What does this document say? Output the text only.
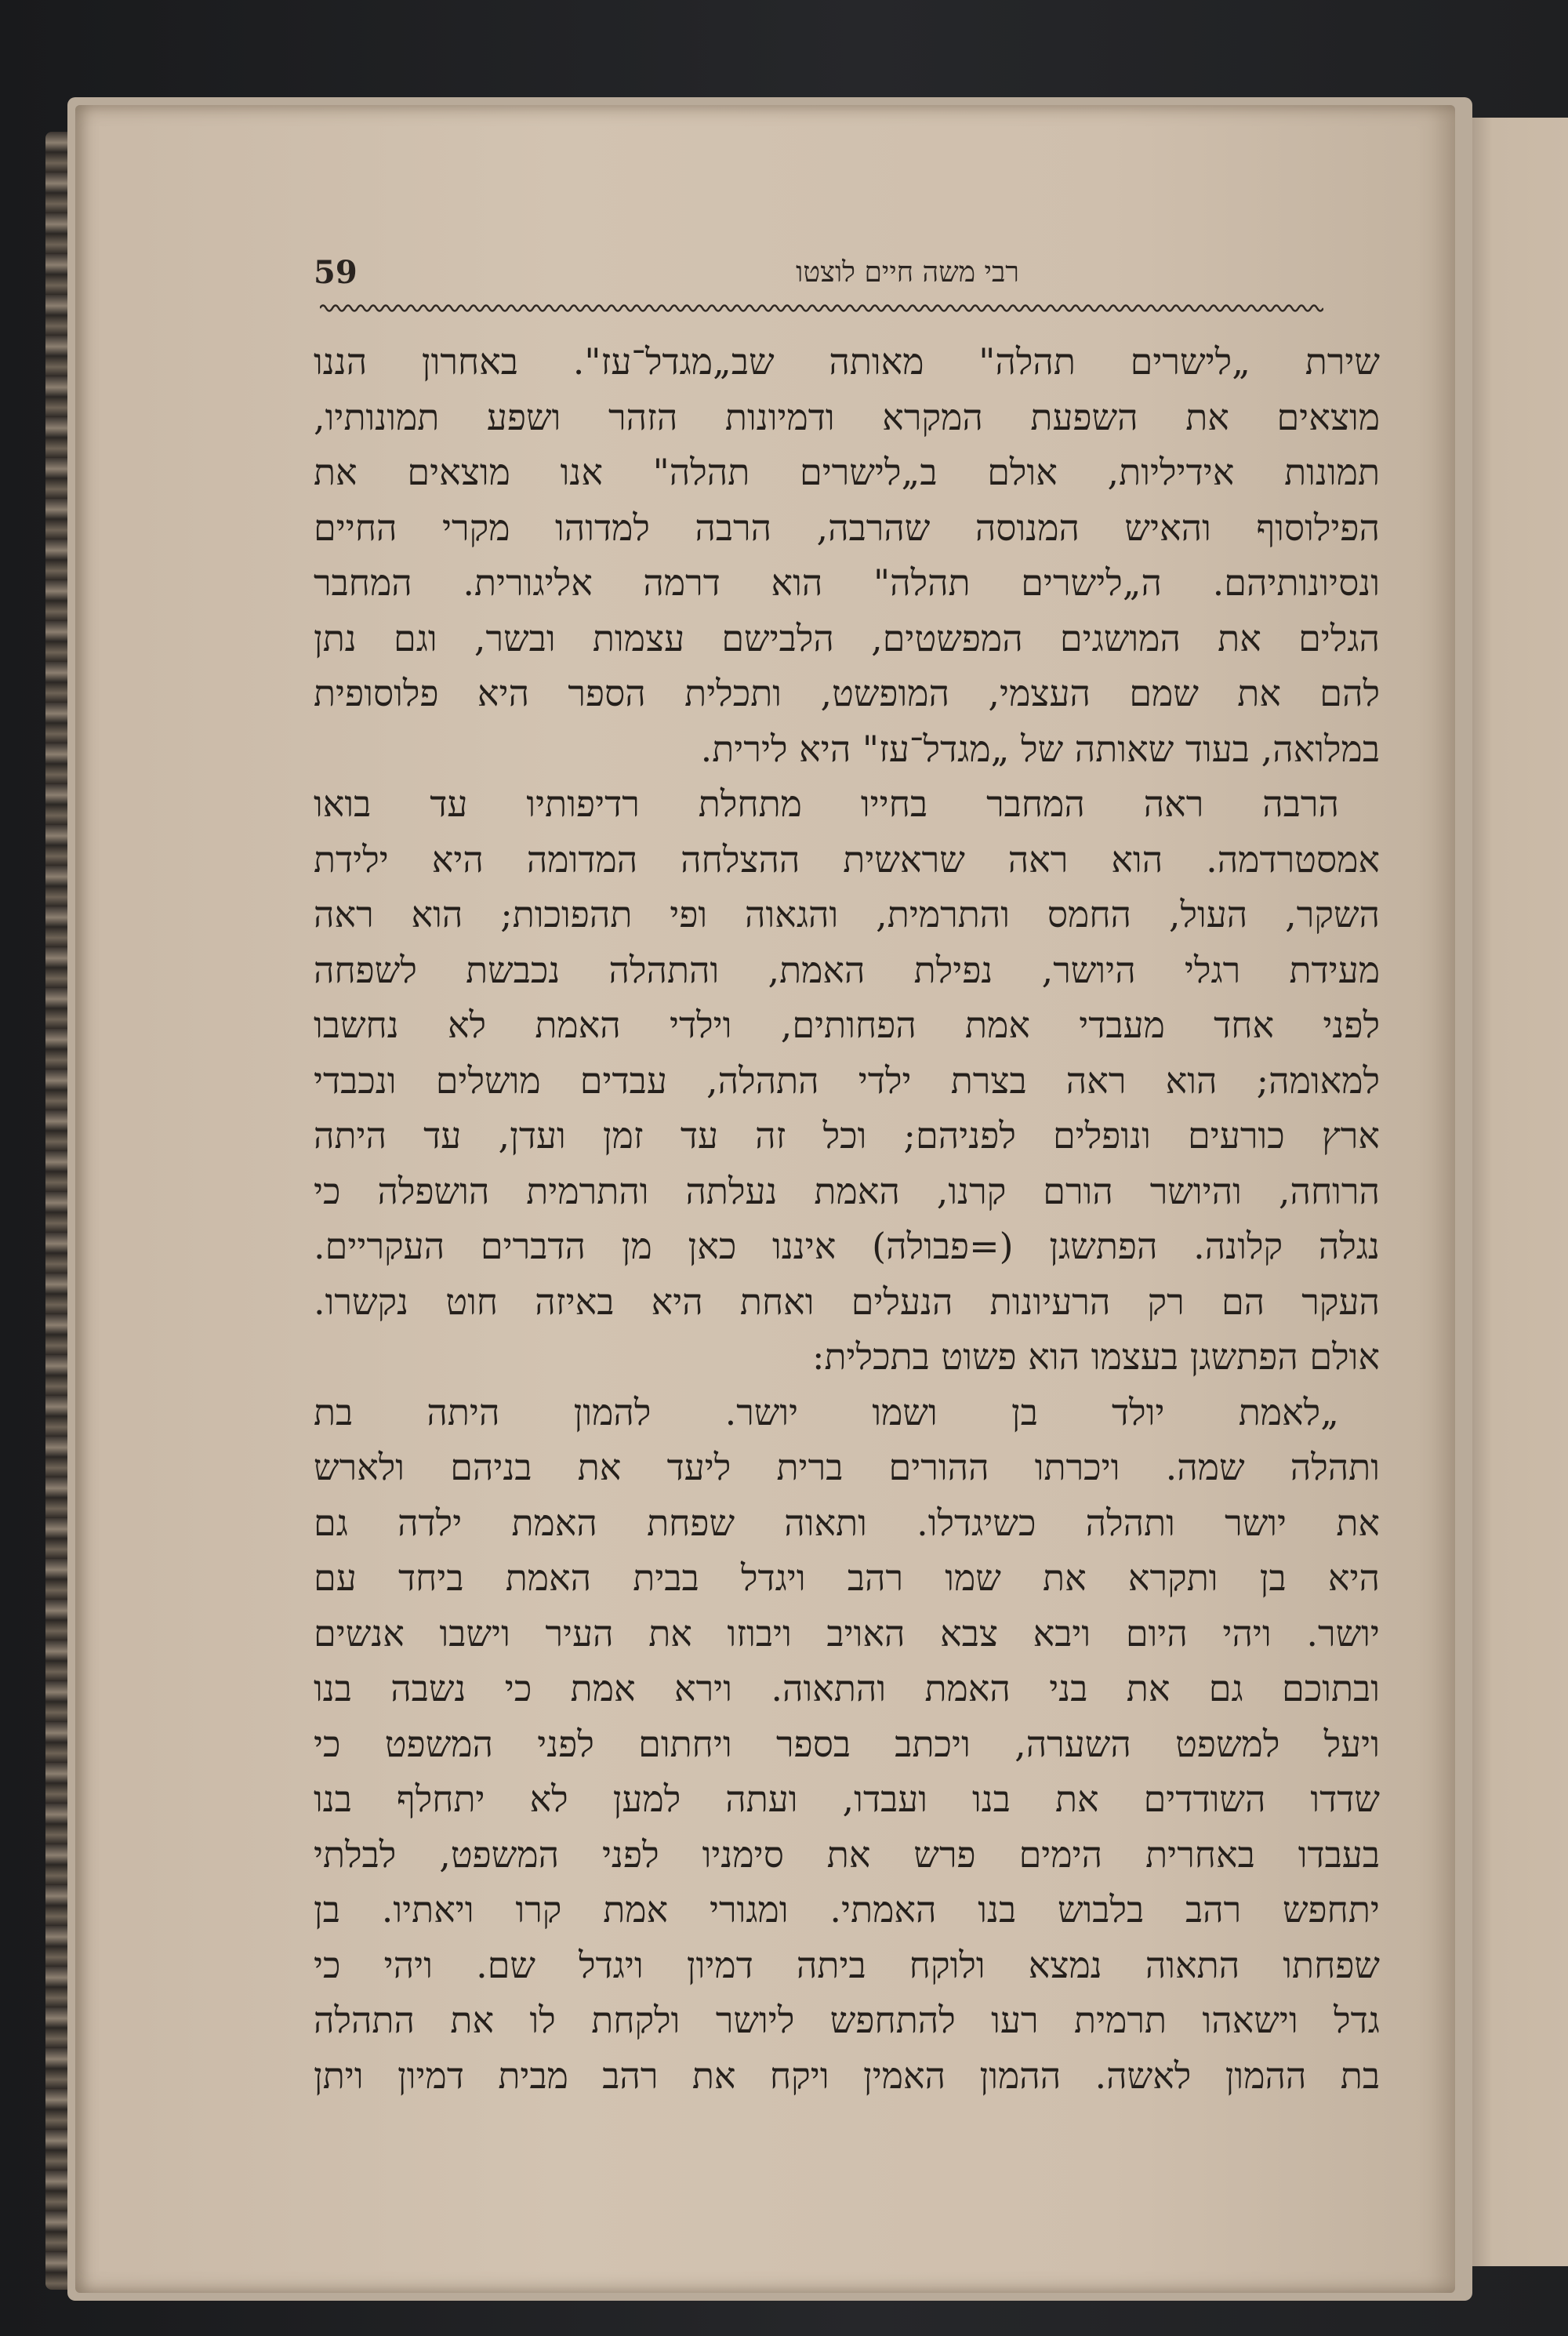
59	רבי משה חיים לוצטו
שירת „לישרים תהלה" מאותה שב„מגדל־עז". באחרון הננו
מוצאים את השפעת המקרא ודמיונות הזהר ושפע תמונותיו,
תמונות אידיליות, אולם ב„לישרים תהלה" אנו מוצאים את
הפילוסוף והאיש המנוסה שהרבה, הרבה למדוהו מקרי החיים
ונסיונותיהם. ה„לישרים תהלה" הוא דרמה אליגורית. המחבר
הגלים את המושגים המפשטים, הלבישם עצמות ובשר, וגם נתן
להם את שמם העצמי, המופשט, ותכלית הספר היא פלוסופית
במלואה, בעוד שאותה של „מגדל־עז" היא לירית.
הרבה ראה המחבר בחייו מתחלת רדיפותיו עד בואו
אמסטרדמה. הוא ראה שראשית ההצלחה המדומה היא ילידת
השקר, העול, החמס והתרמית, והגאוה ופי תהפוכות; הוא ראה
מעידת רגלי היושר, נפילת האמת, והתהלה נכבשת לשפחה
לפני אחד מעבדי אמת הפחותים, וילדי האמת לא נחשבו
למאומה; הוא ראה בצרת ילדי התהלה, עבדים מושלים ונכבדי
ארץ כורעים ונופלים לפניהם; וכל זה עד זמן ועדן, עד היתה
הרוחה, והיושר הורם קרנו, האמת נעלתה והתרמית הושפלה כי
נגלה קלונה. הפתשגן (=פבולה) איננו כאן מן הדברים העקריים.
העקר הם רק הרעיונות הנעלים ואחת היא באיזה חוט נקשרו.
אולם הפתשגן בעצמו הוא פשוט בתכלית:
„לאמת יולד בן ושמו יושר. להמון היתה בת
ותהלה שמה. ויכרתו ההורים ברית ליעד את בניהם ולארש
את יושר ותהלה כשיגדלו. ותאוה שפחת האמת ילדה גם
היא בן ותקרא את שמו רהב ויגדל בבית האמת ביחד עם
יושר. ויהי היום ויבא צבא האויב ויבוזו את העיר וישבו אנשים
ובתוכם גם את בני האמת והתאוה. וירא אמת כי נשבה בנו
ויעל למשפט השערה, ויכתב בספר ויחתום לפני המשפט כי
שדדו השודדים את בנו ועבדו, ועתה למען לא יתחלף בנו
בעבדו באחרית הימים פרש את סימניו לפני המשפט, לבלתי
יתחפש רהב בלבוש בנו האמתי. ומגורי אמת קרו ויאתיו. בן
שפחתו התאוה נמצא ולוקח ביתה דמיון ויגדל שם. ויהי כי
גדל וישאהו תרמית רעו להתחפש ליושר ולקחת לו את התהלה
בת ההמון לאשה. ההמון האמין ויקח את רהב מבית דמיון ויתן
